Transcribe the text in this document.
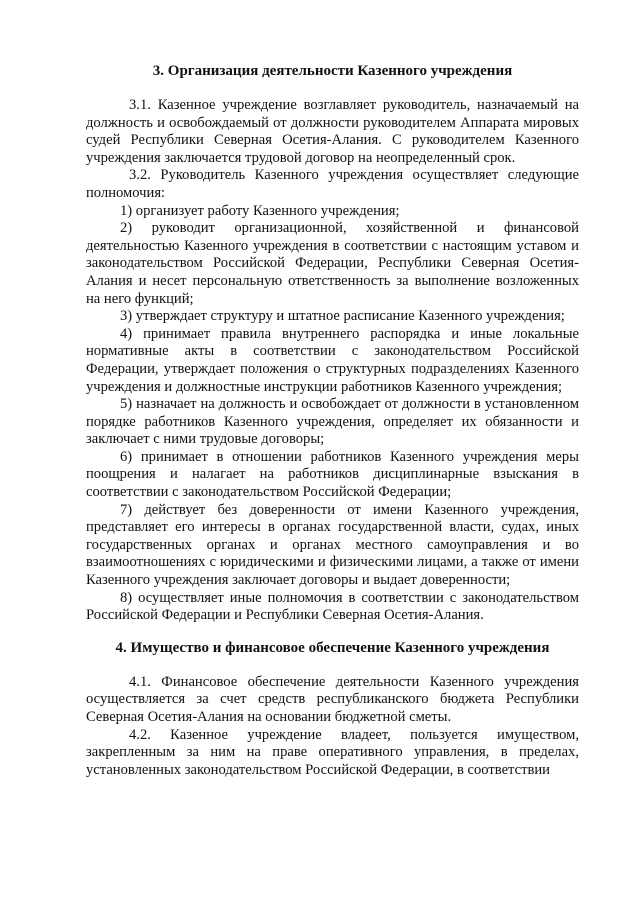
3. Организация деятельности Казенного учреждения

3.1. Казенное учреждение возглавляет руководитель, назначаемый на должность и освобождаемый от должности руководителем Аппарата мировых судей Республики Северная Осетия-Алания. С руководителем Казенного учреждения заключается трудовой договор на неопределенный срок.

3.2. Руководитель Казенного учреждения осуществляет следующие полномочия:

1) организует работу Казенного учреждения;

2) руководит организационной, хозяйственной и финансовой деятельностью Казенного учреждения в соответствии с настоящим уставом и законодательством Российской Федерации, Республики Северная Осетия-Алания и несет персональную ответственность за выполнение возложенных на него функций;

3) утверждает структуру и штатное расписание Казенного учреждения;

4) принимает правила внутреннего распорядка и иные локальные нормативные акты в соответствии с законодательством Российской Федерации, утверждает положения о структурных подразделениях Казенного учреждения и должностные инструкции работников Казенного учреждения;

5) назначает на должность и освобождает от должности в установленном порядке работников Казенного учреждения, определяет их обязанности и заключает с ними трудовые договоры;

6) принимает в отношении работников Казенного учреждения меры поощрения и налагает на работников дисциплинарные взыскания в соответствии с законодательством Российской Федерации;

7) действует без доверенности от имени Казенного учреждения, представляет его интересы в органах государственной власти, судах, иных государственных органах и органах местного самоуправления и во взаимоотношениях с юридическими и физическими лицами, а также от имени Казенного учреждения заключает договоры и выдает доверенности;

8) осуществляет иные полномочия в соответствии с законодательством Российской Федерации и Республики Северная Осетия-Алания.

4. Имущество и финансовое обеспечение Казенного учреждения

4.1. Финансовое обеспечение деятельности Казенного учреждения осуществляется за счет средств республиканского бюджета Республики Северная Осетия-Алания на основании бюджетной сметы.

4.2. Казенное учреждение владеет, пользуется имуществом, закрепленным за ним на праве оперативного управления, в пределах, установленных законодательством Российской Федерации, в соответствии
